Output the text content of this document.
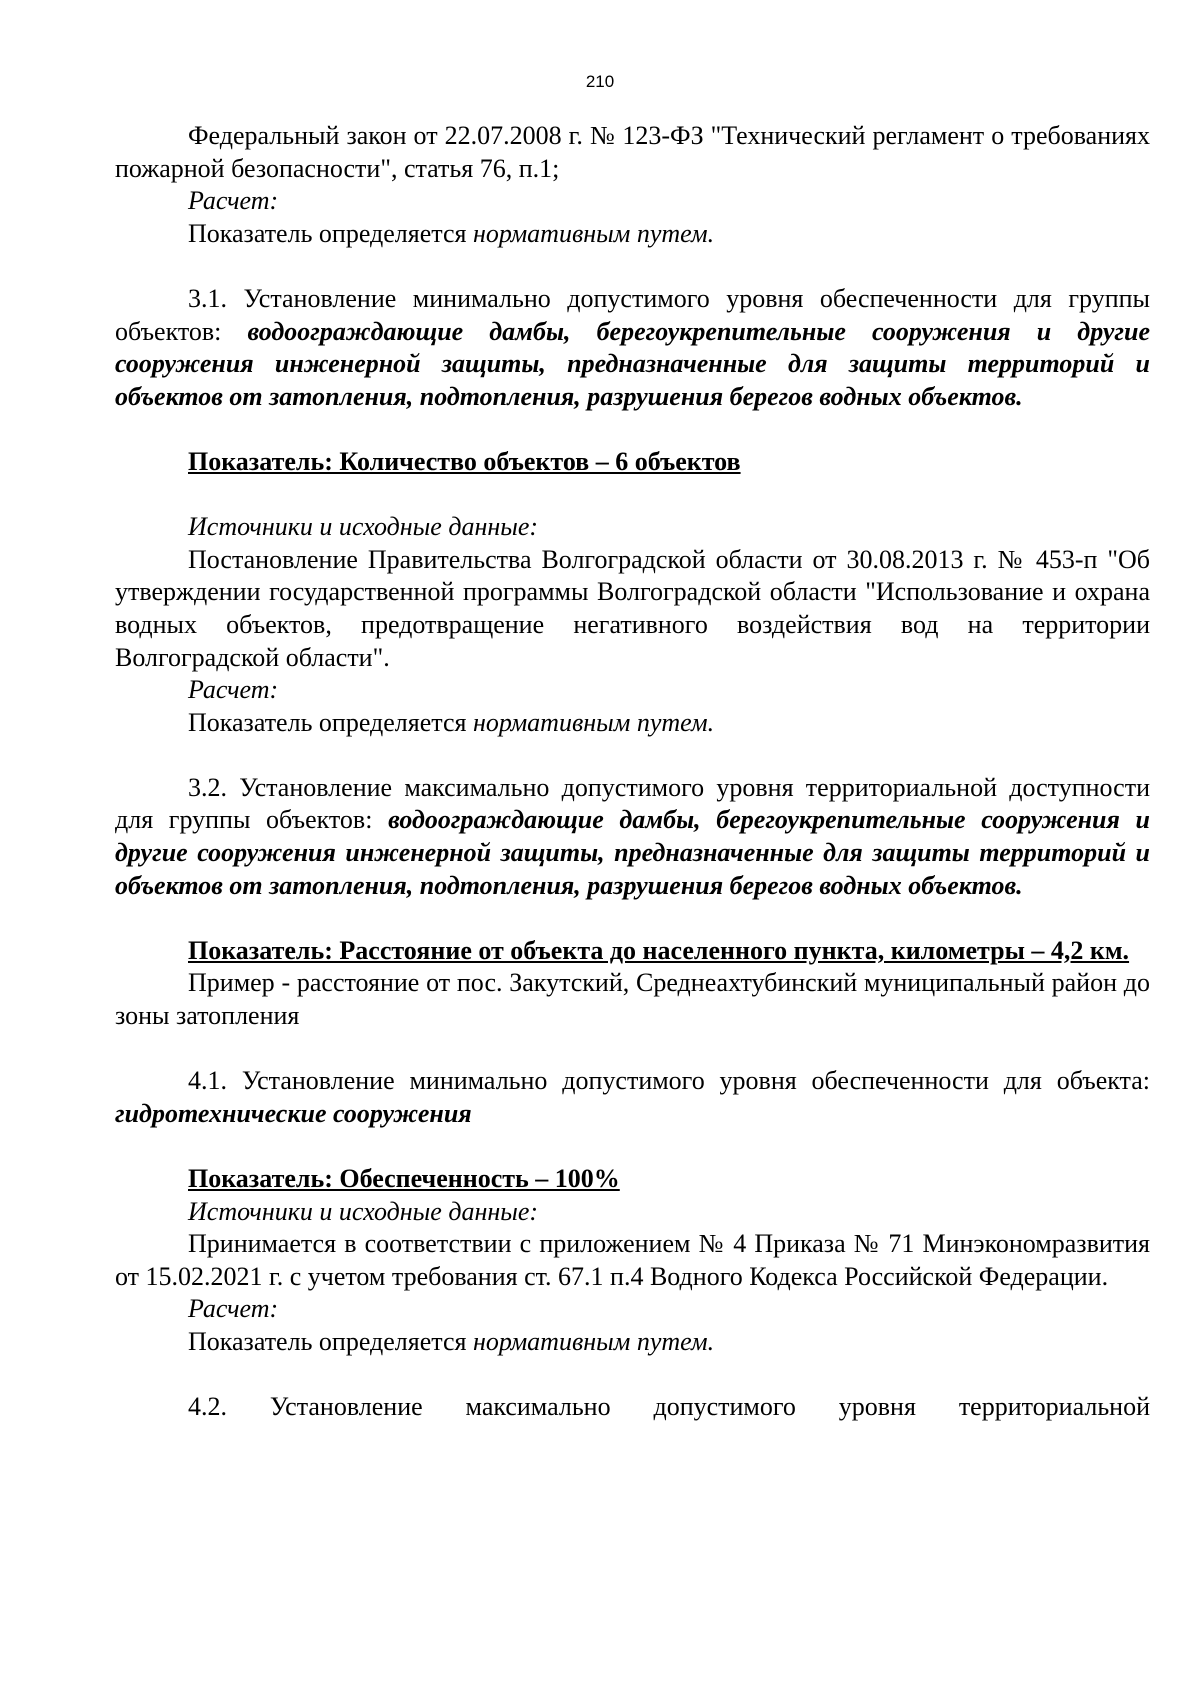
210

Федеральный закон от 22.07.2008 г. № 123-ФЗ "Технический регламент о требованиях пожарной безопасности", статья 76, п.1;

Расчет:

Показатель определяется нормативным путем.

3.1. Установление минимально допустимого уровня обеспеченности для группы объектов: водоограждающие дамбы, берегоукрепительные сооружения и другие сооружения инженерной защиты, предназначенные для защиты территорий и объектов от затопления, подтопления, разрушения берегов водных объектов.

Показатель: Количество объектов – 6 объектов

Источники и исходные данные:

Постановление Правительства Волгоградской области от 30.08.2013 г. № 453-п "Об утверждении государственной программы Волгоградской области "Использование и охрана водных объектов, предотвращение негативного воздействия вод на территории Волгоградской области".

Расчет:

Показатель определяется нормативным путем.

3.2. Установление максимально допустимого уровня территориальной доступности для группы объектов: водоограждающие дамбы, берегоукрепительные сооружения и другие сооружения инженерной защиты, предназначенные для защиты территорий и объектов от затопления, подтопления, разрушения берегов водных объектов.

Показатель: Расстояние от объекта до населенного пункта, километры – 4,2 км.

Пример - расстояние от пос. Закутский, Среднеахтубинский муниципальный район до зоны затопления

4.1. Установление минимально допустимого уровня обеспеченности для объекта: гидротехнические сооружения

Показатель: Обеспеченность – 100%

Источники и исходные данные:

Принимается в соответствии с приложением № 4 Приказа № 71 Минэкономразвития от 15.02.2021 г. с учетом требования ст. 67.1 п.4 Водного Кодекса Российской Федерации.

Расчет:

Показатель определяется нормативным путем.

4.2. Установление максимально допустимого уровня территориальной
